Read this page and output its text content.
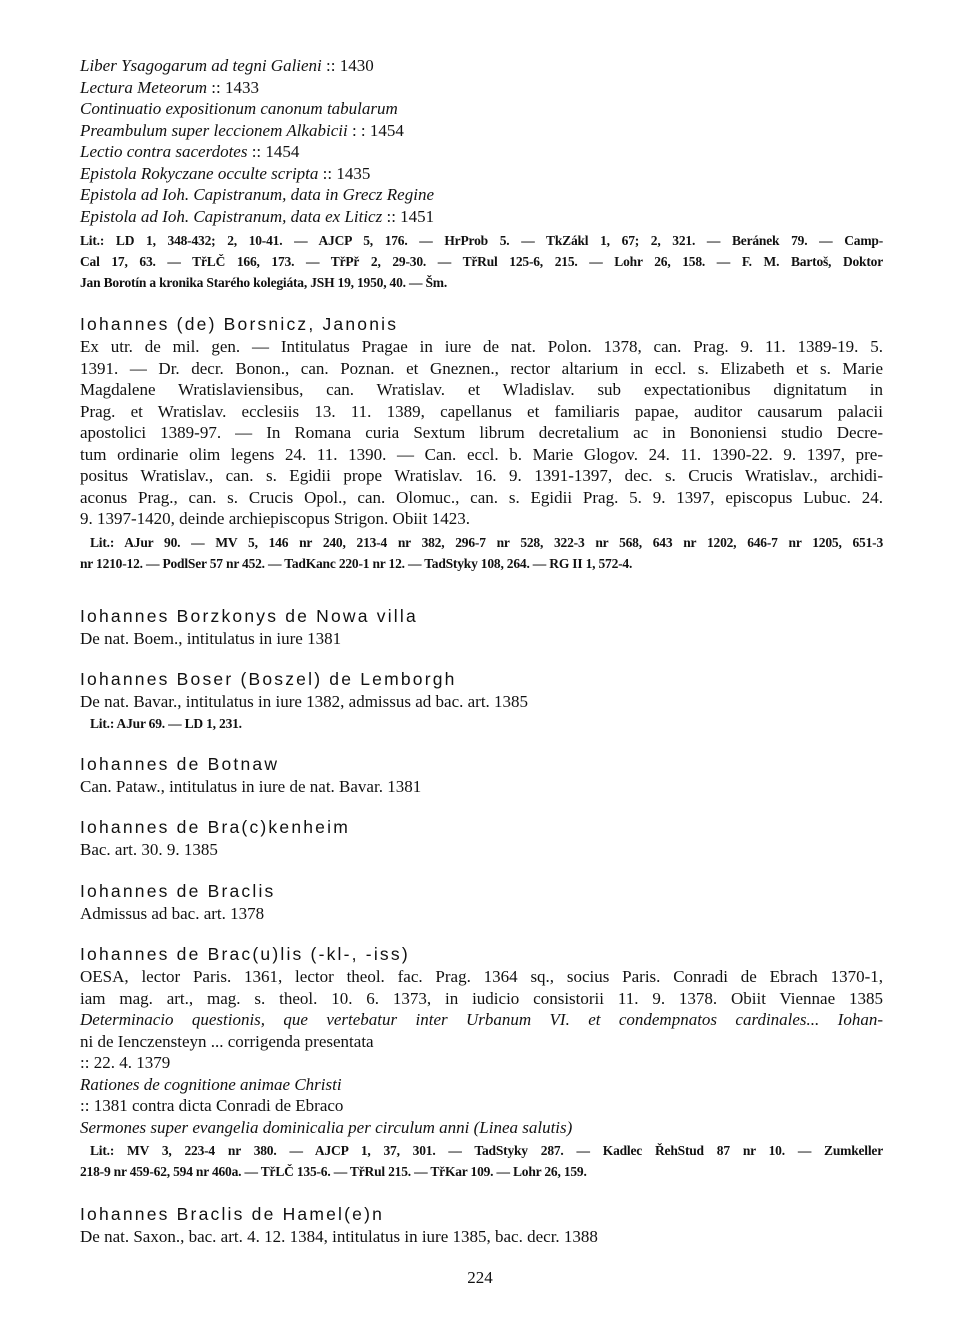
Liber Ysagogarum ad tegni Galieni :: 1430
Lectura Meteorum :: 1433
Continuatio expositionum canonum tabularum
Preambulum super leccionem Alkabicii : : 1454
Lectio contra sacerdotes :: 1454
Epistola Rokyczane occulte scripta :: 1435
Epistola ad Ioh. Capistranum, data in Grecz Regine
Epistola ad Ioh. Capistranum, data ex Liticz :: 1451
Lit.: LD 1, 348-432; 2, 10-41. — AJCP 5, 176. — HrProb 5. — TkZákl 1, 67; 2, 321. — Beránek 79. — Camp-
Cal 17, 63. — TřLČ 166, 173. — TřPř 2, 29-30. — TřRul 125-6, 215. — Lohr 26, 158. — F. M. Bartoš, Doktor
Jan Borotín a kronika Starého kolegiáta, JSH 19, 1950, 40. — Šm.
Iohannes (de) Borsnicz, Janonis
Ex utr. de mil. gen. — Intitulatus Pragae in iure de nat. Polon. 1378, can. Prag. 9. 11. 1389-19. 5.
1391. — Dr. decr. Bonon., can. Poznan. et Gneznen., rector altarium in eccl. s. Elizabeth et s. Marie
Magdalene Wratislaviensibus, can. Wratislav. et Wladislav. sub expectationibus dignitatum in
Prag. et Wratislav. ecclesiis 13. 11. 1389, capellanus et familiaris papae, auditor causarum palacii
apostolici 1389-97. — In Romana curia Sextum librum decretalium ac in Bononiensi studio Decre-
tum ordinarie olim legens 24. 11. 1390. — Can. eccl. b. Marie Glogov. 24. 11. 1390-22. 9. 1397, pre-
positus Wratislav., can. s. Egidii prope Wratislav. 16. 9. 1391-1397, dec. s. Crucis Wratislav., archidi-
aconus Prag., can. s. Crucis Opol., can. Olomuc., can. s. Egidii Prag. 5. 9. 1397, episcopus Lubuc. 24.
9. 1397-1420, deinde archiepiscopus Strigon. Obiit 1423.
Lit.: AJur 90. — MV 5, 146 nr 240, 213-4 nr 382, 296-7 nr 528, 322-3 nr 568, 643 nr 1202, 646-7 nr 1205, 651-3
nr 1210-12. — PodlSer 57 nr 452. — TadKanc 220-1 nr 12. — TadStyky 108, 264. — RG II 1, 572-4.
Iohannes Borzkonys de Nowa villa
De nat. Boem., intitulatus in iure 1381
Iohannes Boser (Boszel) de Lemborgh
De nat. Bavar., intitulatus in iure 1382, admissus ad bac. art. 1385
Lit.: AJur 69. — LD 1, 231.
Iohannes de Botnaw
Can. Pataw., intitulatus in iure de nat. Bavar. 1381
Iohannes de Bra(c)kenheim
Bac. art. 30. 9. 1385
Iohannes de Braclis
Admissus ad bac. art. 1378
Iohannes de Brac(u)lis (-kl-, -iss)
OESA, lector Paris. 1361, lector theol. fac. Prag. 1364 sq., socius Paris. Conradi de Ebrach 1370-1,
iam mag. art., mag. s. theol. 10. 6. 1373, in iudicio consistorii 11. 9. 1378. Obiit Viennae 1385
Determinacio questionis, que vertebatur inter Urbanum VI. et condempnatos cardinales... Iohan-
ni de Ienczensteyn ... corrigenda presentata
:: 22. 4. 1379
Rationes de cognitione animae Christi
:: 1381 contra dicta Conradi de Ebraco
Sermones super evangelia dominicalia per circulum anni (Linea salutis)
Lit.: MV 3, 223-4 nr 380. — AJCP 1, 37, 301. — TadStyky 287. — Kadlec ŘehStud 87 nr 10. — Zumkeller
218-9 nr 459-62, 594 nr 460a. — TřLČ 135-6. — TřRul 215. — TřKar 109. — Lohr 26, 159.
Iohannes Braclis de Hamel(e)n
De nat. Saxon., bac. art. 4. 12. 1384, intitulatus in iure 1385, bac. decr. 1388
224
